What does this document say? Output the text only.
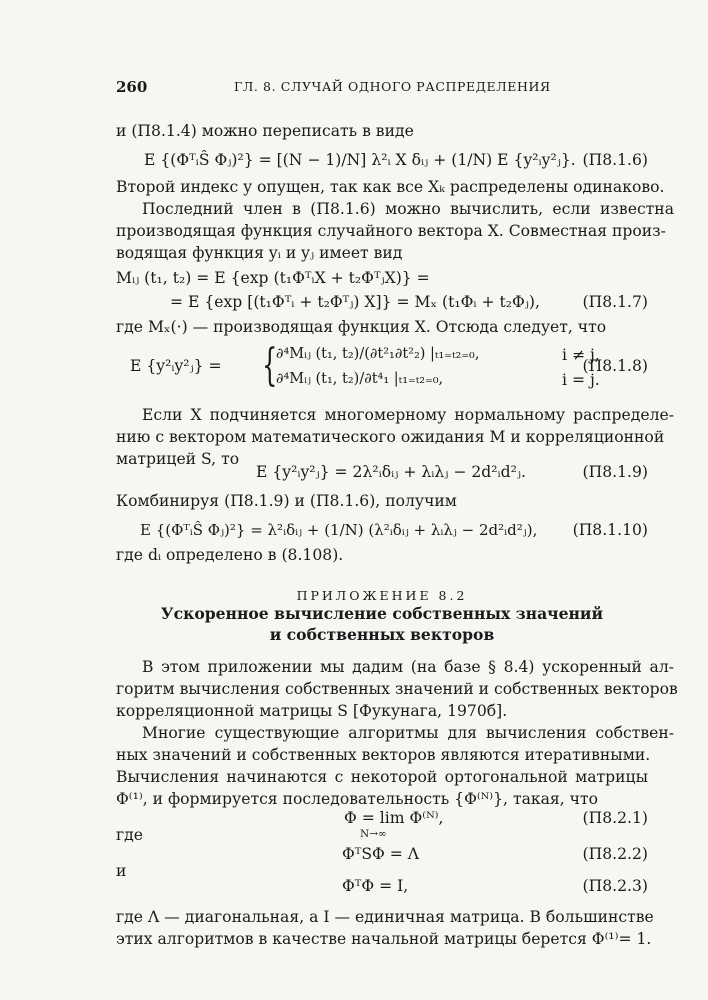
260	ГЛ. 8. СЛУЧАЙ ОДНОГО РАСПРЕДЕЛЕНИЯ
и (П8.1.4) можно переписать в виде
E {(ΦᵀᵢŜ Φⱼ)²} = [(N − 1)/N] λ²ᵢ X δᵢⱼ + (1/N) E {y²ᵢy²ⱼ}. (П8.1.6)
Второй индекс y опущен, так как все Xₖ распределены одинаково.
Последний член в (П8.1.6) можно вычислить, если известна
производящая функция случайного вектора X. Совместная произ-
водящая функция yᵢ и yⱼ имеет вид
Mᵢⱼ (t₁, t₂) = E {exp (t₁ΦᵀᵢX + t₂ΦᵀⱼX)} =
= E {exp [(t₁Φᵀᵢ + t₂Φᵀⱼ) X]} = Mₓ (t₁Φᵢ + t₂Φⱼ),	(П8.1.7)
где Mₓ(·) — производящая функция X. Отсюда следует, что
E {y²ᵢy²ⱼ} = {
∂⁴Mᵢⱼ (t₁, t₂)/(∂t²₁∂t²₂) |ₜ₁₌ₜ₂₌₀,	i ≠ j,
∂⁴Mᵢⱼ (t₁, t₂)/∂t⁴₁ |ₜ₁₌ₜ₂₌₀,	i = j.
(П8.1.8)
Если X подчиняется многомерному нормальному распределе-
нию с вектором математического ожидания M и корреляционной
матрицей S, то
E {y²ᵢy²ⱼ} = 2λ²ᵢδᵢⱼ + λᵢλⱼ − 2d²ᵢd²ⱼ.	(П8.1.9)
Комбинируя (П8.1.9) и (П8.1.6), получим
E {(ΦᵀᵢŜ Φⱼ)²} = λ²ᵢδᵢⱼ + (1/N) (λ²ᵢδᵢⱼ + λᵢλⱼ − 2d²ᵢd²ⱼ), (П8.1.10)
где dᵢ определено в (8.108).
ПРИЛОЖЕНИЕ 8.2
Ускоренное вычисление собственных значений
и собственных векторов
В этом приложении мы дадим (на базе § 8.4) ускоренный ал-
горитм вычисления собственных значений и собственных векторов
корреляционной матрицы S [Фукунага, 1970б].
Многие существующие алгоритмы для вычисления собствен-
ных значений и собственных векторов являются итеративными.
Вычисления начинаются с некоторой ортогональной матрицы
Φ⁽¹⁾, и формируется последовательность {Φ⁽ᴺ⁾}, такая, что
Φ = lim Φ⁽ᴺ⁾,	(П8.2.1)
N→∞
где
ΦᵀSΦ = Λ	(П8.2.2)
и
ΦᵀΦ = I,	(П8.2.3)
где Λ — диагональная, а I — единичная матрица. В большинстве
этих алгоритмов в качестве начальной матрицы берется Φ⁽¹⁾= 1.
